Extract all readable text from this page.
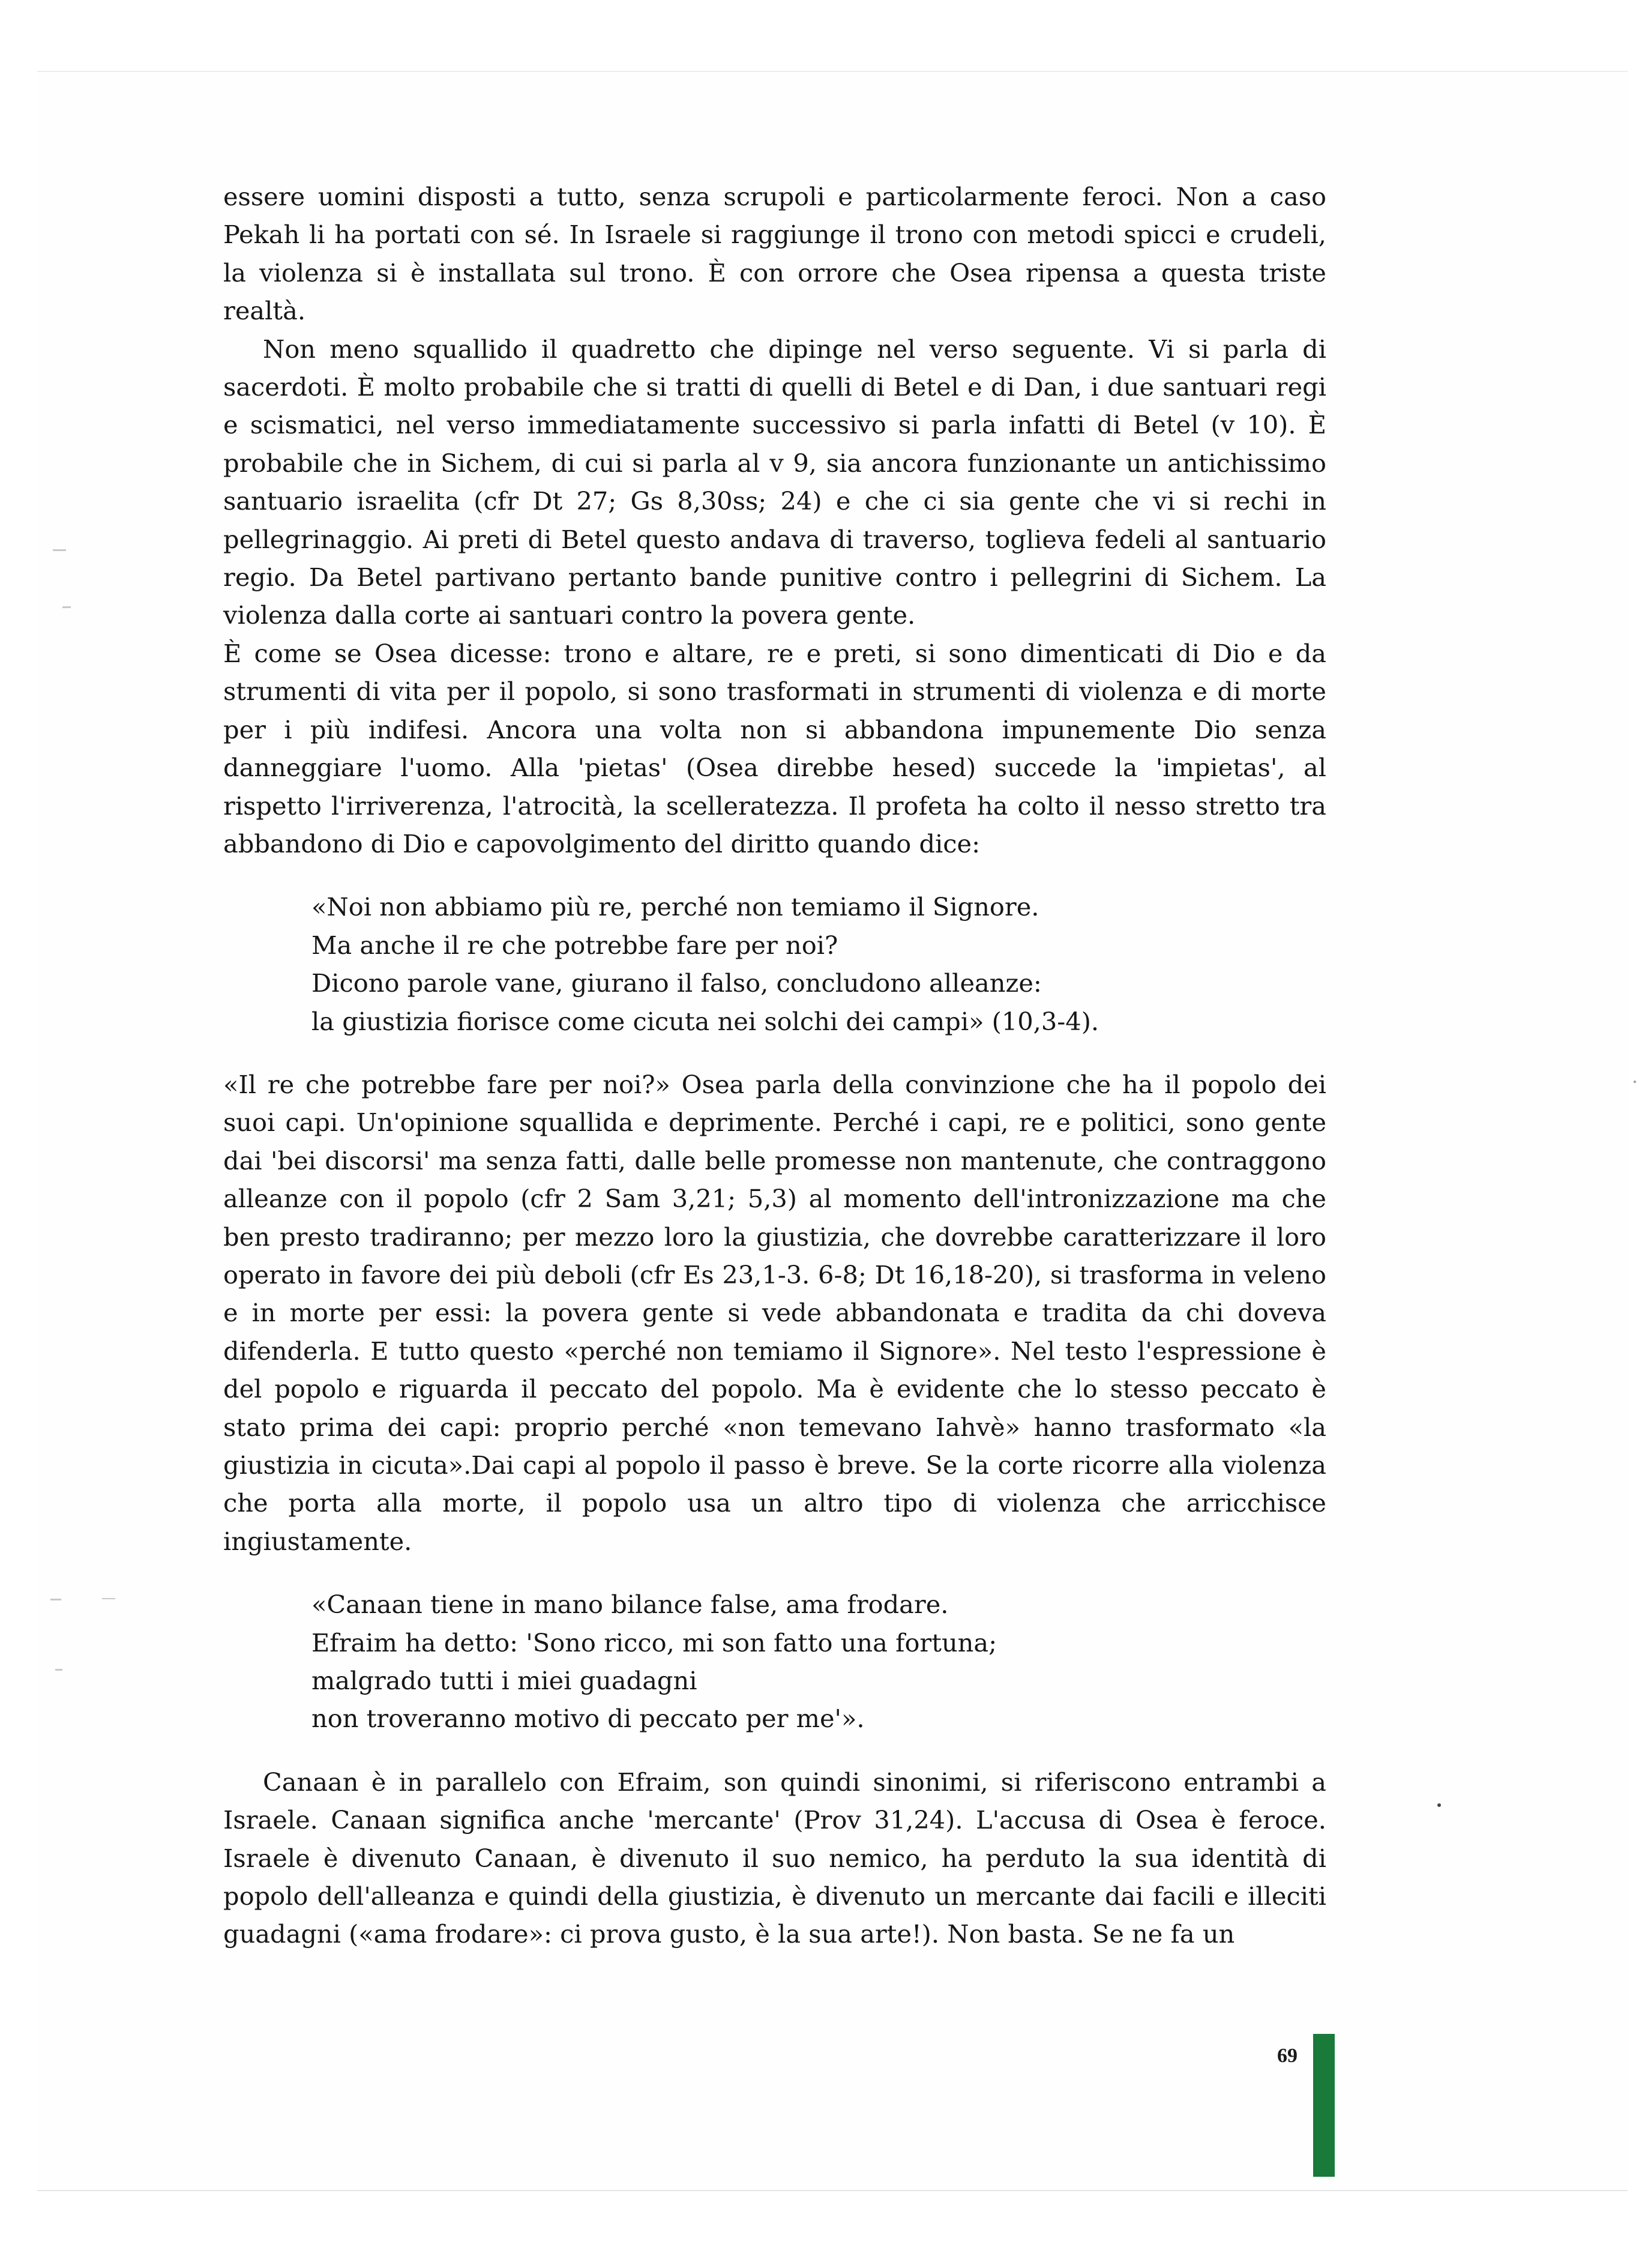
essere uomini disposti a tutto, senza scrupoli e particolarmente feroci. Non a caso Pekah li ha portati con sé. In Israele si raggiunge il trono con metodi spicci e crudeli, la violenza si è installata sul trono. È con orrore che Osea ripensa a questa triste realtà.

Non meno squallido il quadretto che dipinge nel verso seguente. Vi si parla di sacerdoti. È molto probabile che si tratti di quelli di Betel e di Dan, i due santuari regi e scismatici, nel verso immediatamente successivo si parla infatti di Betel (v 10). È probabile che in Sichem, di cui si parla al v 9, sia ancora funzionante un antichissimo santuario israelita (cfr Dt 27; Gs 8,30ss; 24) e che ci sia gente che vi si rechi in pellegrinaggio. Ai preti di Betel questo andava di traverso, toglieva fedeli al santuario regio. Da Betel partivano pertanto bande punitive contro i pellegrini di Sichem. La violenza dalla corte ai santuari contro la povera gente.

È come se Osea dicesse: trono e altare, re e preti, si sono dimenticati di Dio e da strumenti di vita per il popolo, si sono trasformati in strumenti di violenza e di morte per i più indifesi. Ancora una volta non si abbandona impunemente Dio senza danneggiare l'uomo. Alla 'pietas' (Osea direbbe hesed) succede la 'impietas', al rispetto l'irriverenza, l'atrocità, la scelleratezza. Il profeta ha colto il nesso stretto tra abbandono di Dio e capovolgimento del diritto quando dice:

«Noi non abbiamo più re, perché non temiamo il Signore.
Ma anche il re che potrebbe fare per noi?
Dicono parole vane, giurano il falso, concludono alleanze:
la giustizia fiorisce come cicuta nei solchi dei campi» (10,3-4).

«Il re che potrebbe fare per noi?» Osea parla della convinzione che ha il popolo dei suoi capi. Un'opinione squallida e deprimente. Perché i capi, re e politici, sono gente dai 'bei discorsi' ma senza fatti, dalle belle promesse non mantenute, che contraggono alleanze con il popolo (cfr 2 Sam 3,21; 5,3) al momento dell'intronizzazione ma che ben presto tradiranno; per mezzo loro la giustizia, che dovrebbe caratterizzare il loro operato in favore dei più deboli (cfr Es 23,1-3. 6-8; Dt 16,18-20), si trasforma in veleno e in morte per essi: la povera gente si vede abbandonata e tradita da chi doveva difenderla. E tutto questo «perché non temiamo il Signore». Nel testo l'espressione è del popolo e riguarda il peccato del popolo. Ma è evidente che lo stesso peccato è stato prima dei capi: proprio perché «non temevano Iahvè» hanno trasformato «la giustizia in cicuta».Dai capi al popolo il passo è breve. Se la corte ricorre alla violenza che porta alla morte, il popolo usa un altro tipo di violenza che arricchisce ingiustamente.

«Canaan tiene in mano bilance false, ama frodare.
Efraim ha detto: 'Sono ricco, mi son fatto una fortuna;
malgrado tutti i miei guadagni
non troveranno motivo di peccato per me'».

Canaan è in parallelo con Efraim, son quindi sinonimi, si riferiscono entrambi a Israele. Canaan significa anche 'mercante' (Prov 31,24). L'accusa di Osea è feroce. Israele è divenuto Canaan, è divenuto il suo nemico, ha perduto la sua identità di popolo dell'alleanza e quindi della giustizia, è divenuto un mercante dai facili e illeciti guadagni («ama frodare»: ci prova gusto, è la sua arte!). Non basta. Se ne fa un

69
